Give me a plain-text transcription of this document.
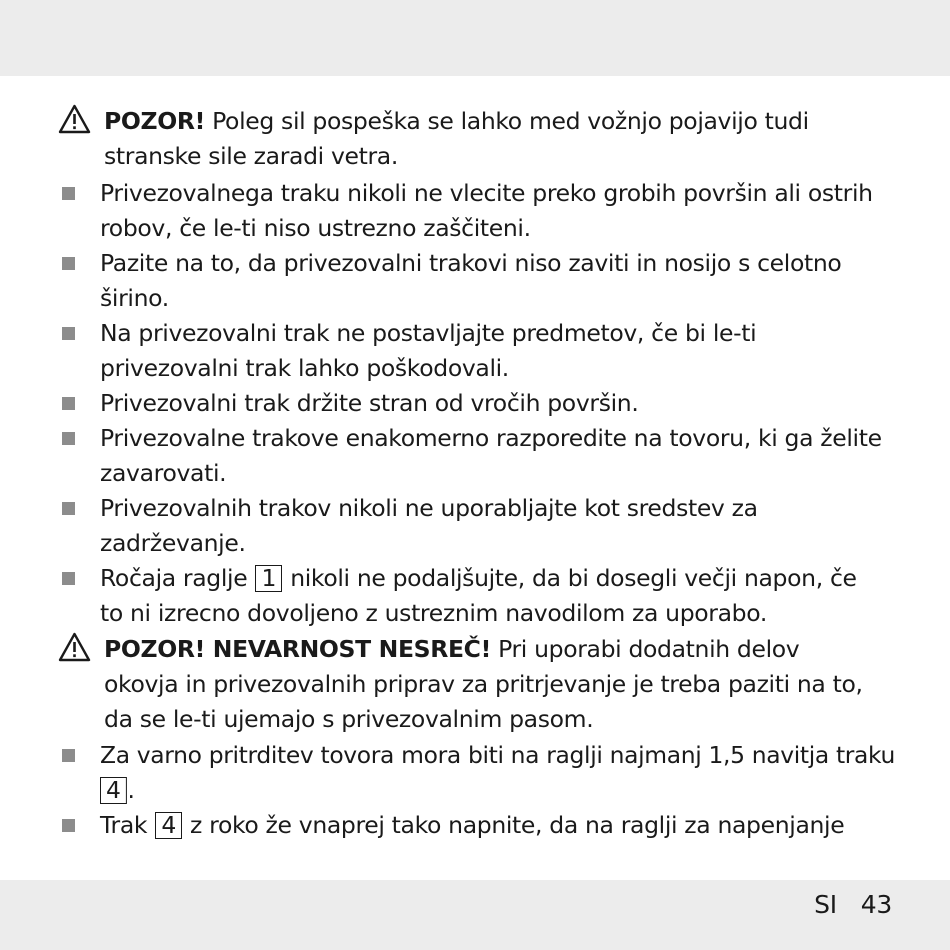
POZOR! Poleg sil pospeška se lahko med vožnjo pojavijo tudi
stranske sile zaradi vetra.
Privezovalnega traku nikoli ne vlecite preko grobih površin ali ostrih
robov, če le-ti niso ustrezno zaščiteni.
Pazite na to, da privezovalni trakovi niso zaviti in nosijo s celotno
širino.
Na privezovalni trak ne postavljajte predmetov, če bi le-ti
privezovalni trak lahko poškodovali.
Privezovalni trak držite stran od vročih površin.
Privezovalne trakove enakomerno razporedite na tovoru, ki ga želite
zavarovati.
Privezovalnih trakov nikoli ne uporabljajte kot sredstev za
zadrževanje.
Ročaja raglje 1 nikoli ne podaljšujte, da bi dosegli večji napon, če
to ni izrecno dovoljeno z ustreznim navodilom za uporabo.
POZOR! NEVARNOST NESREČ! Pri uporabi dodatnih delov
okovja in privezovalnih priprav za pritrjevanje je treba paziti na to,
da se le-ti ujemajo s privezovalnim pasom.
Za varno pritrditev tovora mora biti na raglji najmanj 1,5 navitja traku
4 .
Trak 4 z roko že vnaprej tako napnite, da na raglji za napenjanje
SI 43
